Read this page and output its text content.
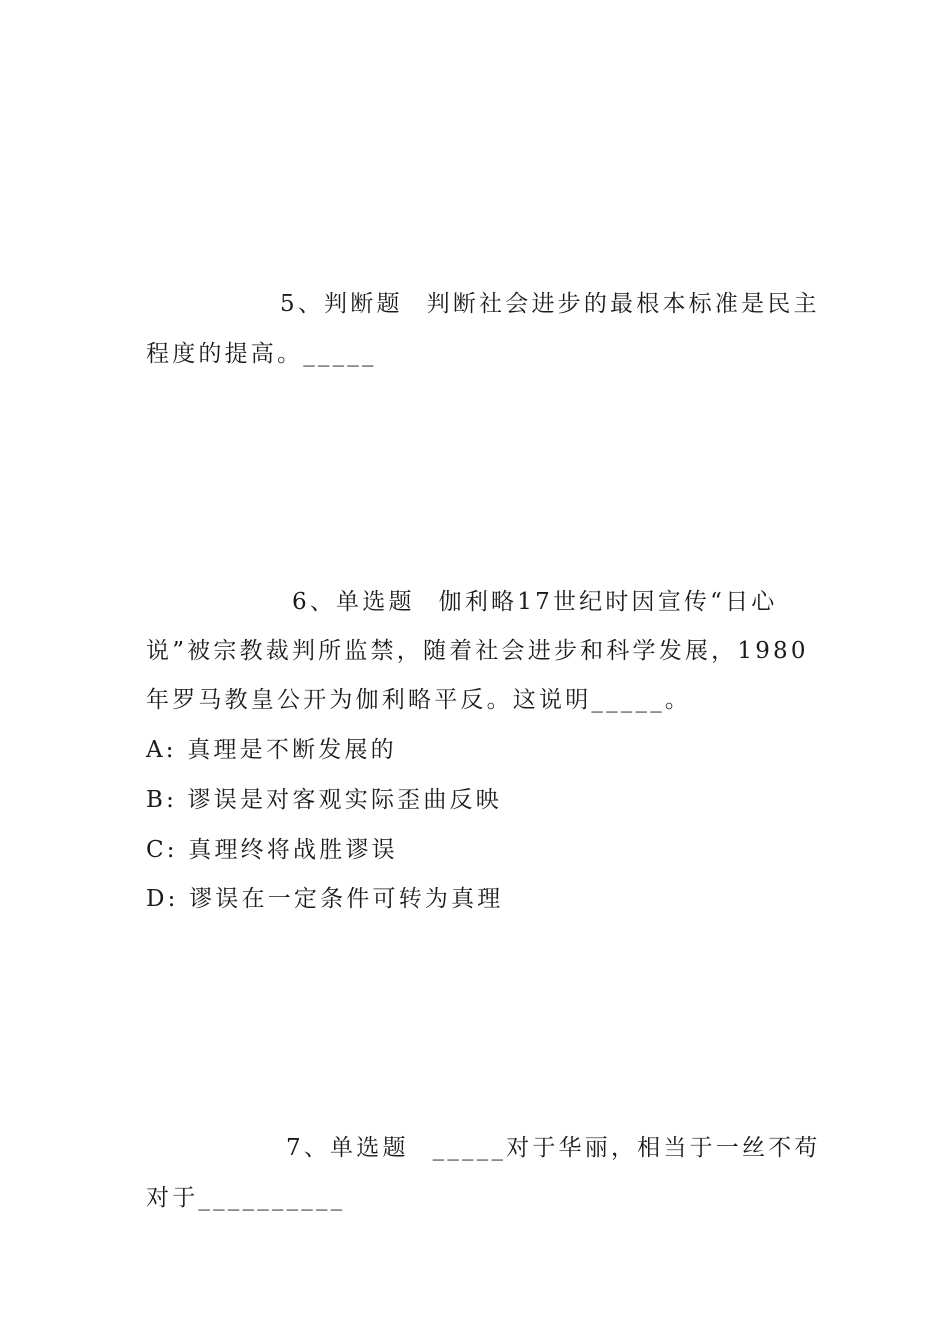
5、判断题 判断社会进步的最根本标准是民主
程度的提高。_____
6、单选题 伽利略17世纪时因宣传“日心
说”被宗教裁判所监禁，随着社会进步和科学发展，1980
年罗马教皇公开为伽利略平反。这说明_____。
A: 真理是不断发展的
B: 谬误是对客观实际歪曲反映
C: 真理终将战胜谬误
D: 谬误在一定条件可转为真理
7、单选题 _____对于华丽，相当于一丝不苟
对于__________
